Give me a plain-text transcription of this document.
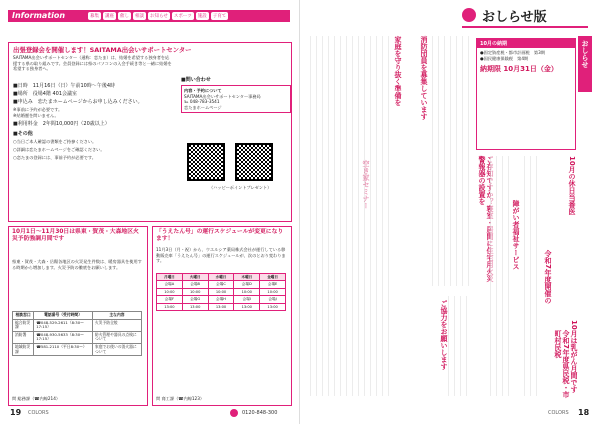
Information	募集	講座	催し	相談	お知らせ	スポーツ	施設	子育て
出張登録会を開催します！SAITAMA出会いサポートセンター
SAITAMA出会いサポートセンター（通称：恋たま）は、結婚を希望する独身者を応援する県の取り組みです。会員登録には県のパソコンの入会手続き等と一緒に結婚を希望する独身者へ。
■日時　11月16日（日）午前10時～午後4時
■場所　役場4階 401会議室
■申込み　恋たまホームページからお申し込みください。
※事前に予約が必要です。
※結婚歴を問いません。
■利用料金　2年間10,000円（20歳以上）
■その他
○当日ご本人確認の書類をご持参ください。
○詳細は恋たまホームページをご確認ください。
○恋たまの登録には、事前予約が必要です。
■問い合わせ
内容・予約について
SAITAMA出会いサポートセンター事務局
℡ 048-783-3541
恋たまホームページ
（ハッピーポイントプレゼント）
10月1日～11月30日は県東・賀茂・大森地区火災予防強調月間です
県東・賀茂・大森・岳陽各地区の火災発生件数は、暖房器具を使用する時期から増加します。火災予防の徹底をお願いします。
相談窓口	電話番号（受付時間）	主な内容
総合防災課	☎048-529-2611（8:30～17:15）	火災予防全般
消防署	☎048-930-5633（8:30～17:15）	防火管理や器具の点検について
地域防災課	☎581-2110（平日8:30～）	家庭でお使いの消火器について
問 総務課（☎内線214）
「うえたん号」の運行スケジュールが変更になります！
11月3日（月・祝）から、ウエルシア薬局株式会社が運行している移動販売車「うえたん号」の運行スケジュールが、次のとおり変わります。
月曜日	火曜日	水曜日	木曜日	金曜日
会場A	会場B	会場C	会場D	会場E
10:00	10:00	10:00	10:00	10:00
会場F	会場G	会場H	会場I	会場J
13:00	13:00	13:00	13:00	13:00
問 商工課（☎内線123）
おしらせ版
おしらせ
10月の納期
●固定資産税・都市計画税　第3期
●国民健康保険税　第4期
納期限 10月31日（金）
警報器の設置を
消防団員を募集しています
家庭を守り抜く準備を
10月の休日当番医
令和7年度開催の
障がい者福祉サービス
10月は乳がん月間です
ご協力をお願いします	令和7年度県民税・市町村民税
19 COLORS	0120-848-300	COLORS 18
